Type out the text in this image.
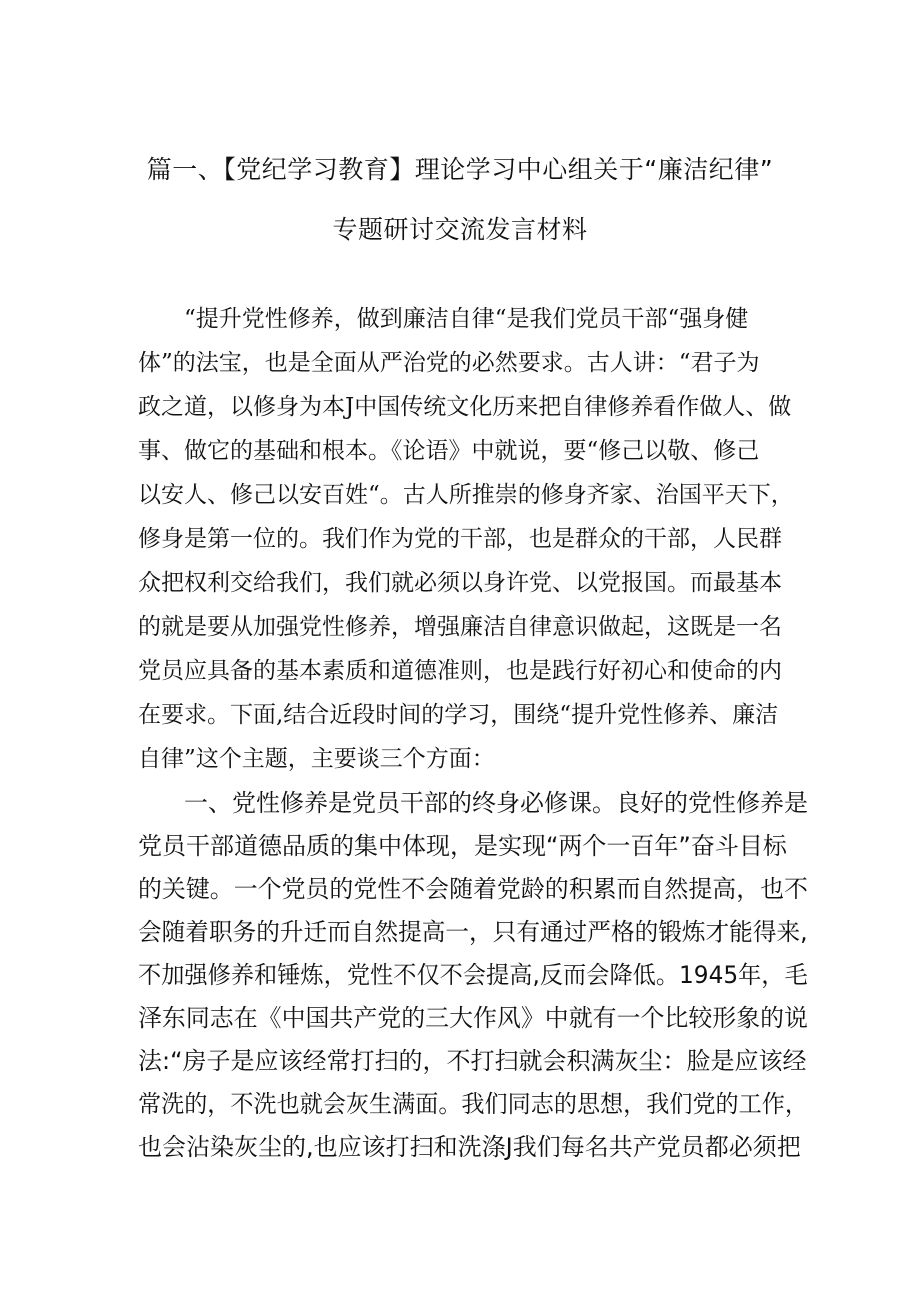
篇一、【党纪学习教育】理论学习中心组关于“廉洁纪律”
专题研讨交流发言材料
“提升党性修养，做到廉洁自律“是我们党员干部“强身健
体”的法宝，也是全面从严治党的必然要求。古人讲：“君子为
政之道，以修身为本J中国传统文化历来把自律修养看作做人、做
事、做它的基础和根本。《论语》中就说，要“修己以敬、修己
以安人、修己以安百姓“。古人所推崇的修身齐家、治国平天下，
修身是第一位的。我们作为党的干部，也是群众的干部，人民群
众把权利交给我们，我们就必须以身许党、以党报国。而最基本
的就是要从加强党性修养，增强廉洁自律意识做起，这既是一名
党员应具备的基本素质和道德准则，也是践行好初心和使命的内
在要求。下面,结合近段时间的学习，围绕“提升党性修养、廉洁
自律”这个主题，主要谈三个方面：
一、党性修养是党员干部的终身必修课。良好的党性修养是
党员干部道德品质的集中体现，是实现“两个一百年”奋斗目标
的关键。一个党员的党性不会随着党龄的积累而自然提高，也不
会随着职务的升迁而自然提高一，只有通过严格的锻炼才能得来,
不加强修养和锤炼，党性不仅不会提高,反而会降低。1945年，毛
泽东同志在《中国共产党的三大作风》中就有一个比较形象的说
法:“房子是应该经常打扫的，不打扫就会积满灰尘：脸是应该经
常洗的，不洗也就会灰生满面。我们同志的思想，我们党的工作，
也会沾染灰尘的,也应该打扫和洗涤J我们每名共产党员都必须把
